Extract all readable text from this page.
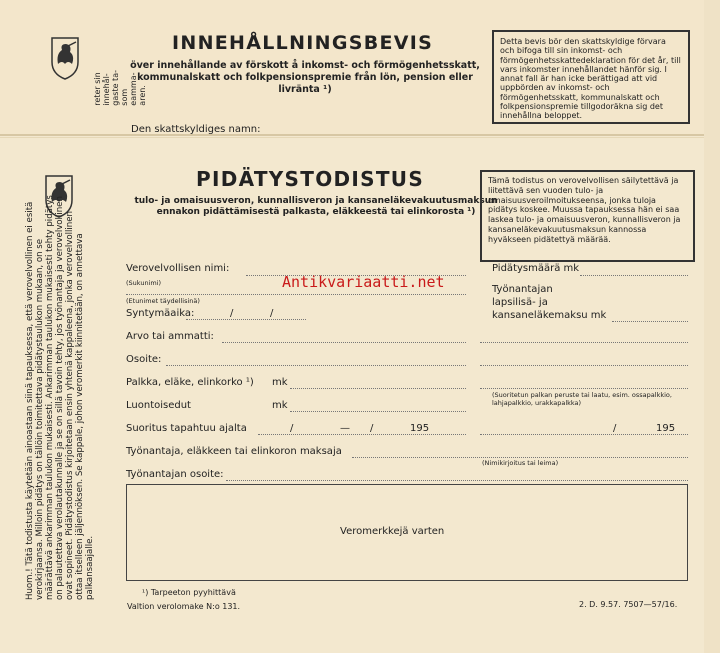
INNEHÅLLNINGSBEVIS
över innehållande av förskott å inkomst- och förmögenhetsskatt, kommunalskatt och folkpensionspremie från lön, pension eller livränta ¹)
Detta bevis bör den skattskyldige förvara och bifoga till sin inkomst- och förmögenhetsskattedeklaration för det år, till vars inkomster innehållandet hänför sig. I annat fall är han icke berättigad att vid uppbörden av inkomst- och förmögenhetsskatt, kommunalskatt och folkpensionspremie tillgodoräkna sig det innehållna beloppet.
reter sin
innehål-
gaste ta-
som
eamma-
aren.
Den skattskyldiges namn:
PIDÄTYSTODISTUS
tulo- ja omaisuusveron, kunnallisveron ja kansaneläkevakuutusmaksun ennakon pidättämisestä palkasta, eläkkeestä tai elinkorosta ¹)
Tämä todistus on verovelvollisen säilytettävä ja liitettävä sen vuoden tulo- ja omaisuusveroilmoitukseensa, jonka tuloja pidätys koskee. Muussa tapauksessa hän ei saa laskea tulo- ja omaisuusveron, kunnallisveron ja kansaneläkevakuutusmaksun kannossa hyväkseen pidätettyä määrää.
Huom.! Tätä todistusta käytetään ainoastaan siinä tapauksessa, että verovelvollinen ei esitä verokirjaansa. Milloin pidätys on tällöin toimitettava pidätystaulukon mukaan, on se määrättävä ankarimman taulukon mukaisesti. Ankarimman taulukon mukaisesti tehty pidätys on palautettava verolautakunnalle ja se on sillä tavoin tehty, jos työnantaja ja verovelvollinen ovat sopineet. Pidätystodistus kirjoitetaan ensin yhtenä kappaleena, jonka verovelvollinen ottaa itselleen jäljennöksen. Se kappale, johon veromerkit kiinnitetään, on annettava palkansaajalle.
Verovelvollisen nimi:
(Sukunimi)
(Etunimet täydellisinä)
Syntymäaika:	/	/
Arvo tai ammatti:
Osoite:
Palkka, eläke, elinkorko ¹) mk
Luontoisedut	mk
Suoritus tapahtuu ajalta	/	— /	195
Työnantaja, eläkkeen tai elinkoron maksaja
(Nimikirjoitus tai leima)
Työnantajan osoite:
Pidätysmäärä mk
Työnantajan
lapsilisä- ja
kansaneläkemaksu mk
(Suoritetun palkan peruste tai laatu, esim. ossapalkkio, lahjapalkkio, urakkapalkka)
/	195
Antikvariaatti.net
Veromerkkejä varten
¹) Tarpeeton pyyhittävä
Valtion verolomake N:o 131.	2. D. 9.57. 7507—57/16.
